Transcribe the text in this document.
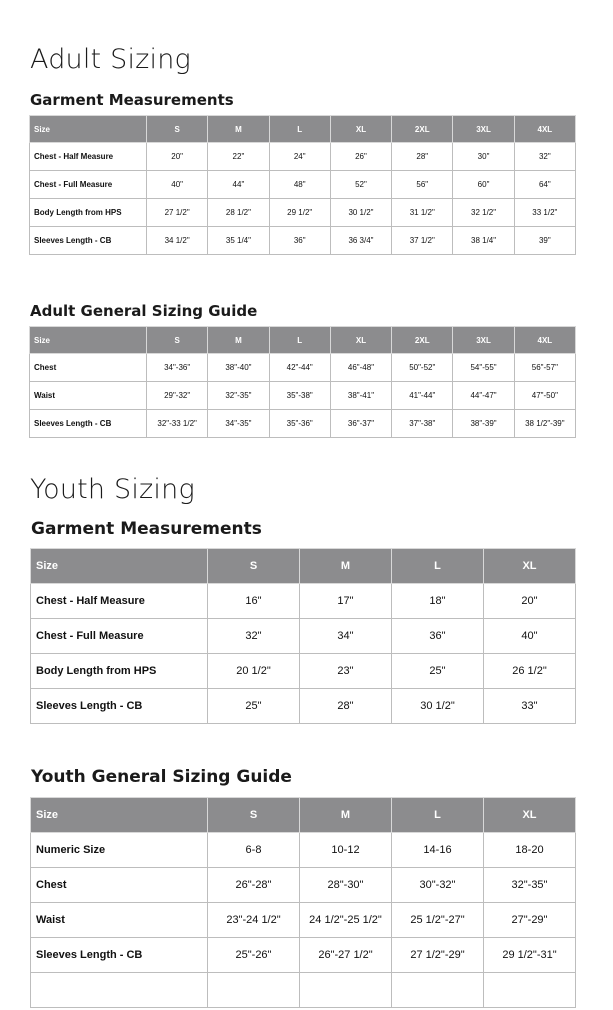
Adult Sizing
Garment Measurements
Size	S	M	L	XL	2XL	3XL	4XL
Chest - Half Measure	20"	22"	24"	26"	28"	30"	32"
Chest - Full Measure	40"	44"	48"	52"	56"	60"	64"
Body Length from HPS	27 1/2"	28 1/2"	29 1/2"	30 1/2"	31 1/2"	32 1/2"	33 1/2"
Sleeves Length - CB	34 1/2"	35 1/4"	36"	36 3/4"	37 1/2"	38 1/4"	39"
Adult General Sizing Guide
Size	S	M	L	XL	2XL	3XL	4XL
Chest	34"-36"	38"-40"	42"-44"	46"-48"	50"-52"	54"-55"	56"-57"
Waist	29"-32"	32"-35"	35"-38"	38"-41"	41"-44"	44"-47"	47"-50"
Sleeves Length - CB	32"-33 1/2"	34"-35"	35"-36"	36"-37"	37"-38"	38"-39"	38 1/2"-39"
Youth Sizing
Garment Measurements
Size	S	M	L	XL
Chest - Half Measure	16"	17"	18"	20"
Chest - Full Measure	32"	34"	36"	40"
Body Length from HPS	20 1/2"	23"	25"	26 1/2"
Sleeves Length - CB	25"	28"	30 1/2"	33"
Youth General Sizing Guide
Size	S	M	L	XL
Numeric Size	6-8	10-12	14-16	18-20
Chest	26"-28"	28"-30"	30"-32"	32"-35"
Waist	23"-24 1/2"	24 1/2"-25 1/2"	25 1/2"-27"	27"-29"
Sleeves Length - CB	25"-26"	26"-27 1/2"	27 1/2"-29"	29 1/2"-31"
